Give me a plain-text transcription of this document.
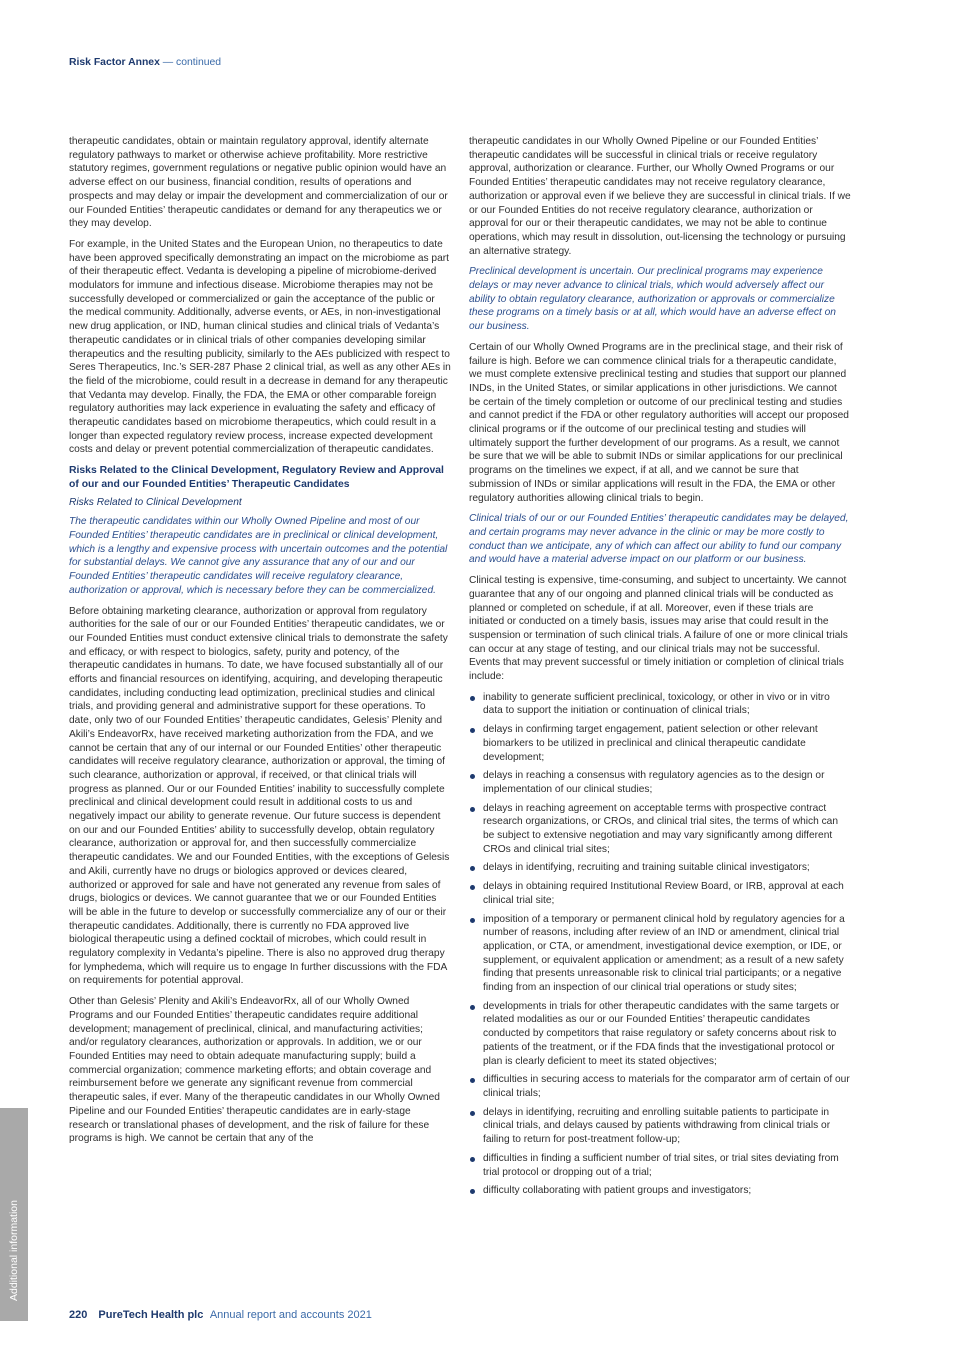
Risk Factor Annex — continued

therapeutic candidates, obtain or maintain regulatory approval, identify alternate regulatory pathways to market or otherwise achieve profitability. More restrictive statutory regimes, government regulations or negative public opinion would have an adverse effect on our business, financial condition, results of operations and prospects and may delay or impair the development and commercialization of our or our Founded Entities’ therapeutic candidates or demand for any therapeutics we or they may develop.

For example, in the United States and the European Union, no therapeutics to date have been approved specifically demonstrating an impact on the microbiome as part of their therapeutic effect. Vedanta is developing a pipeline of microbiome-derived modulators for immune and infectious disease. Microbiome therapies may not be successfully developed or commercialized or gain the acceptance of the public or the medical community. Additionally, adverse events, or AEs, in non-investigational new drug application, or IND, human clinical studies and clinical trials of Vedanta’s therapeutic candidates or in clinical trials of other companies developing similar therapeutics and the resulting publicity, similarly to the AEs publicized with respect to Seres Therapeutics, Inc.’s SER-287 Phase 2 clinical trial, as well as any other AEs in the field of the microbiome, could result in a decrease in demand for any therapeutic that Vedanta may develop. Finally, the FDA, the EMA or other comparable foreign regulatory authorities may lack experience in evaluating the safety and efficacy of therapeutic candidates based on microbiome therapeutics, which could result in a longer than expected regulatory review process, increase expected development costs and delay or prevent potential commercialization of therapeutic candidates.

Risks Related to the Clinical Development, Regulatory Review and Approval of our and our Founded Entities’ Therapeutic Candidates
Risks Related to Clinical Development

The therapeutic candidates within our Wholly Owned Pipeline and most of our Founded Entities’ therapeutic candidates are in preclinical or clinical development, which is a lengthy and expensive process with uncertain outcomes and the potential for substantial delays. We cannot give any assurance that any of our and our Founded Entities’ therapeutic candidates will receive regulatory clearance, authorization or approval, which is necessary before they can be commercialized.

Before obtaining marketing clearance, authorization or approval from regulatory authorities for the sale of our or our Founded Entities’ therapeutic candidates, we or our Founded Entities must conduct extensive clinical trials to demonstrate the safety and efficacy, or with respect to biologics, safety, purity and potency, of the therapeutic candidates in humans. To date, we have focused substantially all of our efforts and financial resources on identifying, acquiring, and developing therapeutic candidates, including conducting lead optimization, preclinical studies and clinical trials, and providing general and administrative support for these operations. To date, only two of our Founded Entities’ therapeutic candidates, Gelesis’ Plenity and Akili’s EndeavorRx, have received marketing authorization from the FDA, and we cannot be certain that any of our internal or our Founded Entities’ other therapeutic candidates will receive regulatory clearance, authorization or approval, the timing of such clearance, authorization or approval, if received, or that clinical trials will progress as planned. Our or our Founded Entities’ inability to successfully complete preclinical and clinical development could result in additional costs to us and negatively impact our ability to generate revenue. Our future success is dependent on our and our Founded Entities’ ability to successfully develop, obtain regulatory clearance, authorization or approval for, and then successfully commercialize therapeutic candidates. We and our Founded Entities, with the exceptions of Gelesis and Akili, currently have no drugs or biologics approved or devices cleared, authorized or approved for sale and have not generated any revenue from sales of drugs, biologics or devices. We cannot guarantee that we or our Founded Entities will be able in the future to develop or successfully commercialize any of our or their therapeutic candidates. Additionally, there is currently no FDA approved live biological therapeutic using a defined cocktail of microbes, which could result in regulatory complexity in Vedanta’s pipeline. There is also no approved drug therapy for lymphedema, which will require us to engage In further discussions with the FDA on requirements for potential approval.

Other than Gelesis’ Plenity and Akili’s EndeavorRx, all of our Wholly Owned Programs and our Founded Entities’ therapeutic candidates require additional development; management of preclinical, clinical, and manufacturing activities; and/or regulatory clearances, authorization or approvals. In addition, we or our Founded Entities may need to obtain adequate manufacturing supply; build a commercial organization; commence marketing efforts; and obtain coverage and reimbursement before we generate any significant revenue from commercial therapeutic sales, if ever. Many of the therapeutic candidates in our Wholly Owned Pipeline and our Founded Entities’ therapeutic candidates are in early-stage research or translational phases of development, and the risk of failure for these programs is high. We cannot be certain that any of the

therapeutic candidates in our Wholly Owned Pipeline or our Founded Entities’ therapeutic candidates will be successful in clinical trials or receive regulatory approval, authorization or clearance. Further, our Wholly Owned Programs or our Founded Entities’ therapeutic candidates may not receive regulatory clearance, authorization or approval even if we believe they are successful in clinical trials. If we or our Founded Entities do not receive regulatory clearance, authorization or approval for our or their therapeutic candidates, we may not be able to continue operations, which may result in dissolution, out-licensing the technology or pursuing an alternative strategy.

Preclinical development is uncertain. Our preclinical programs may experience delays or may never advance to clinical trials, which would adversely affect our ability to obtain regulatory clearance, authorization or approvals or commercialize these programs on a timely basis or at all, which would have an adverse effect on our business.

Certain of our Wholly Owned Programs are in the preclinical stage, and their risk of failure is high. Before we can commence clinical trials for a therapeutic candidate, we must complete extensive preclinical testing and studies that support our planned INDs, in the United States, or similar applications in other jurisdictions. We cannot be certain of the timely completion or outcome of our preclinical testing and studies and cannot predict if the FDA or other regulatory authorities will accept our proposed clinical programs or if the outcome of our preclinical testing and studies will ultimately support the further development of our programs. As a result, we cannot be sure that we will be able to submit INDs or similar applications for our preclinical programs on the timelines we expect, if at all, and we cannot be sure that submission of INDs or similar applications will result in the FDA, the EMA or other regulatory authorities allowing clinical trials to begin.

Clinical trials of our or our Founded Entities’ therapeutic candidates may be delayed, and certain programs may never advance in the clinic or may be more costly to conduct than we anticipate, any of which can affect our ability to fund our company and would have a material adverse impact on our platform or our business.

Clinical testing is expensive, time-consuming, and subject to uncertainty. We cannot guarantee that any of our ongoing and planned clinical trials will be conducted as planned or completed on schedule, if at all. Moreover, even if these trials are initiated or conducted on a timely basis, issues may arise that could result in the suspension or termination of such clinical trials. A failure of one or more clinical trials can occur at any stage of testing, and our clinical trials may not be successful. Events that may prevent successful or timely initiation or completion of clinical trials include:

inability to generate sufficient preclinical, toxicology, or other in vivo or in vitro data to support the initiation or continuation of clinical trials;
delays in confirming target engagement, patient selection or other relevant biomarkers to be utilized in preclinical and clinical therapeutic candidate development;
delays in reaching a consensus with regulatory agencies as to the design or implementation of our clinical studies;
delays in reaching agreement on acceptable terms with prospective contract research organizations, or CROs, and clinical trial sites, the terms of which can be subject to extensive negotiation and may vary significantly among different CROs and clinical trial sites;
delays in identifying, recruiting and training suitable clinical investigators;
delays in obtaining required Institutional Review Board, or IRB, approval at each clinical trial site;
imposition of a temporary or permanent clinical hold by regulatory agencies for a number of reasons, including after review of an IND or amendment, clinical trial application, or CTA, or amendment, investigational device exemption, or IDE, or supplement, or equivalent application or amendment; as a result of a new safety finding that presents unreasonable risk to clinical trial participants; or a negative finding from an inspection of our clinical trial operations or study sites;
developments in trials for other therapeutic candidates with the same targets or related modalities as our or our Founded Entities’ therapeutic candidates conducted by competitors that raise regulatory or safety concerns about risk to patients of the treatment, or if the FDA finds that the investigational protocol or plan is clearly deficient to meet its stated objectives;
difficulties in securing access to materials for the comparator arm of certain of our clinical trials;
delays in identifying, recruiting and enrolling suitable patients to participate in clinical trials, and delays caused by patients withdrawing from clinical trials or failing to return for post-treatment follow-up;
difficulties in finding a sufficient number of trial sites, or trial sites deviating from trial protocol or dropping out of a trial;
difficulty collaborating with patient groups and investigators;
Additional information
220 PureTech Health plc Annual report and accounts 2021
